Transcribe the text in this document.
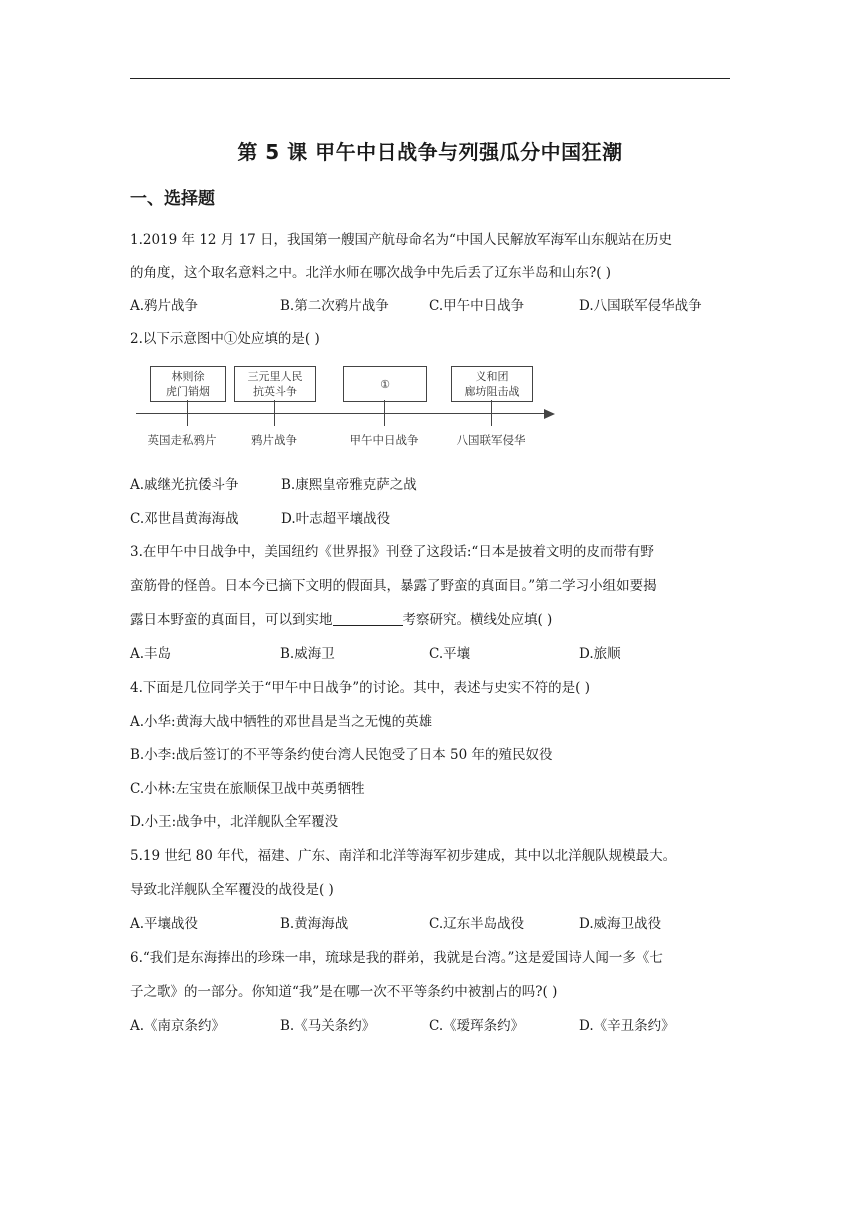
第 5 课 甲午中日战争与列强瓜分中国狂潮
一、选择题
1.2019 年 12 月 17 日，我国第一艘国产航母命名为“中国人民解放军海军山东舰站在历史
的角度，这个取名意料之中。北洋水师在哪次战争中先后丢了辽东半岛和山东?( )
A.鸦片战争	B.第二次鸦片战争	C.甲午中日战争	D.八国联军侵华战争
2.以下示意图中①处应填的是( )
林则徐
虎门销烟
三元里人民
抗英斗争
①
义和团
廊坊阻击战
英国走私鸦片	鸦片战争	甲午中日战争	八国联军侵华
A.戚继光抗倭斗争	B.康熙皇帝雅克萨之战
C.邓世昌黄海海战	D.叶志超平壤战役
3.在甲午中日战争中，美国纽约《世界报》刊登了这段话:“日本是披着文明的皮而带有野
蛮筋骨的怪兽。日本今已摘下文明的假面具，暴露了野蛮的真面目。”第二学习小组如要揭
露日本野蛮的真面目，可以到实地	考察研究。横线处应填( )
A.丰岛	B.威海卫	C.平壤	D.旅顺
4.下面是几位同学关于“甲午中日战争”的讨论。其中，表述与史实不符的是( )
A.小华:黄海大战中牺牲的邓世昌是当之无愧的英雄
B.小李:战后签订的不平等条约使台湾人民饱受了日本 50 年的殖民奴役
C.小林:左宝贵在旅顺保卫战中英勇牺牲
D.小王:战争中，北洋舰队全军覆没
5.19 世纪 80 年代，福建、广东、南洋和北洋等海军初步建成，其中以北洋舰队规模最大。
导致北洋舰队全军覆没的战役是( )
A.平壤战役	B.黄海海战	C.辽东半岛战役	D.威海卫战役
6.“我们是东海捧出的珍珠一串，琉球是我的群弟，我就是台湾。”这是爱国诗人闻一多《七
子之歌》的一部分。你知道“我”是在哪一次不平等条约中被割占的吗?( )
A.《南京条约》	B.《马关条约》	C.《瑷珲条约》	D.《辛丑条约》
